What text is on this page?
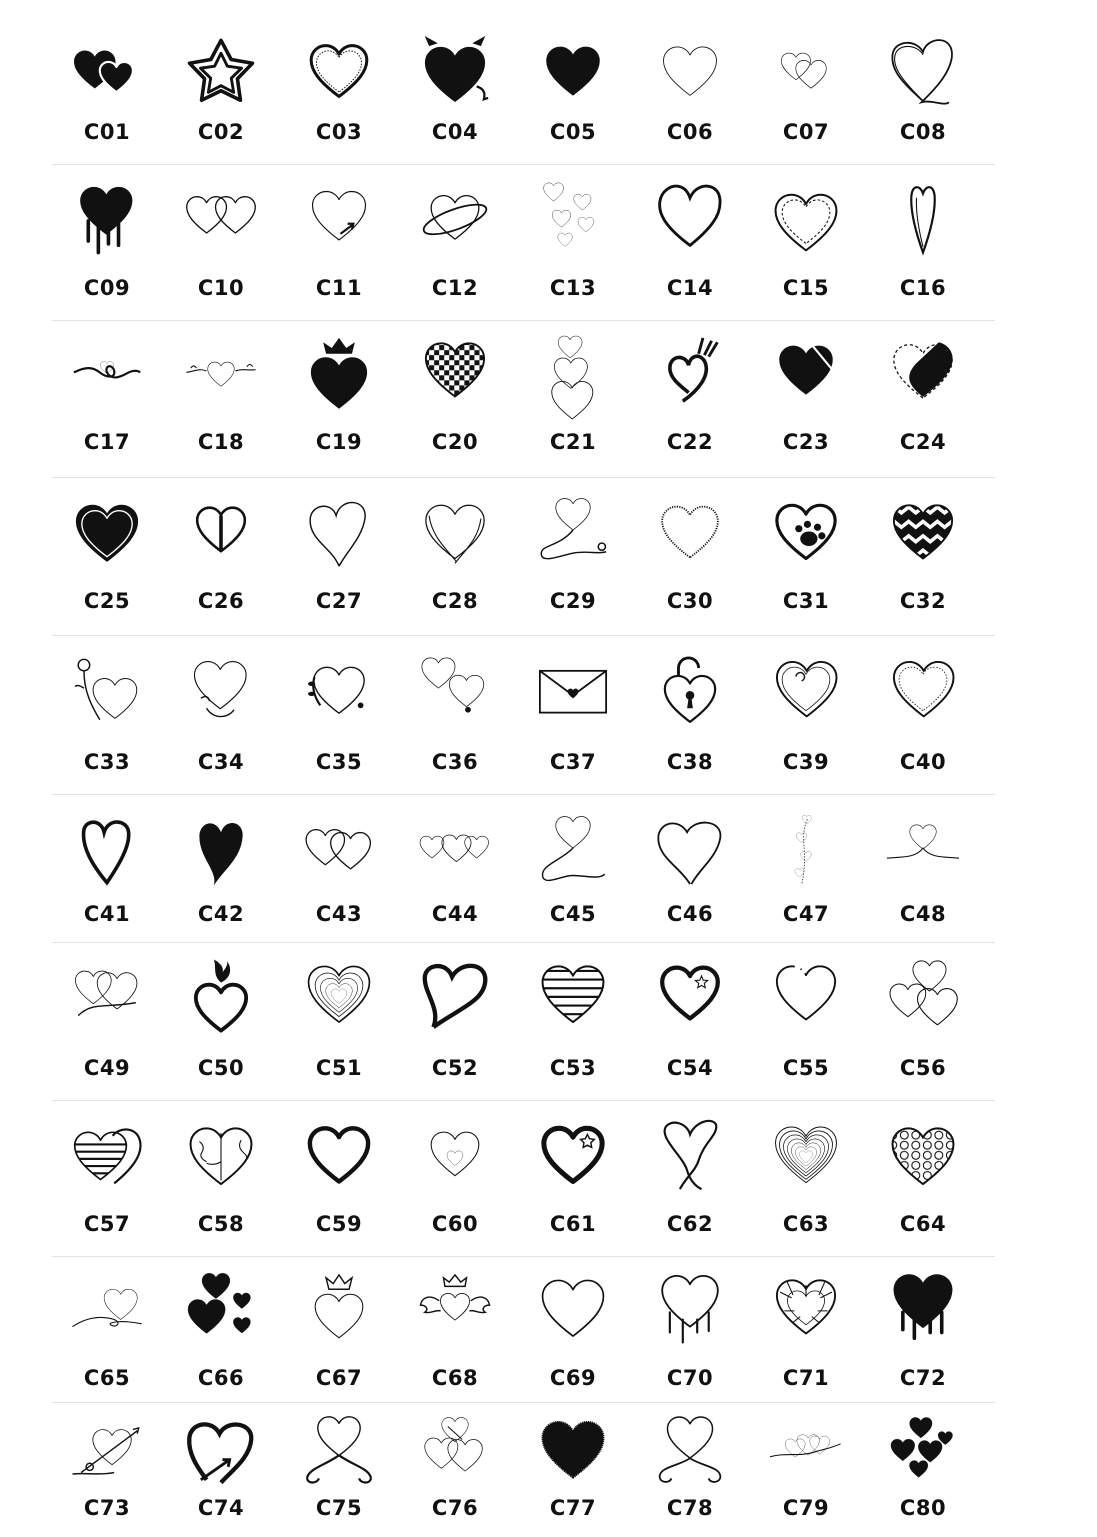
C01	C02	C03	C04	C05	C06	C07	C08
C09	C10	C11	C12	C13	C14	C15	C16
C17	C18	C19	C20	C21	C22	C23	C24
C25	C26	C27	C28	C29	C30	C31	C32
C33	C34	C35	C36	C37	C38	C39	C40
C41	C42	C43	C44	C45	C46	C47	C48
C49	C50	C51	C52	C53	C54	C55	C56
C57	C58	C59	C60	C61	C62	C63	C64
C65	C66	C67	C68	C69	C70	C71	C72
C73	C74	C75	C76	C77	C78	C79	C80
